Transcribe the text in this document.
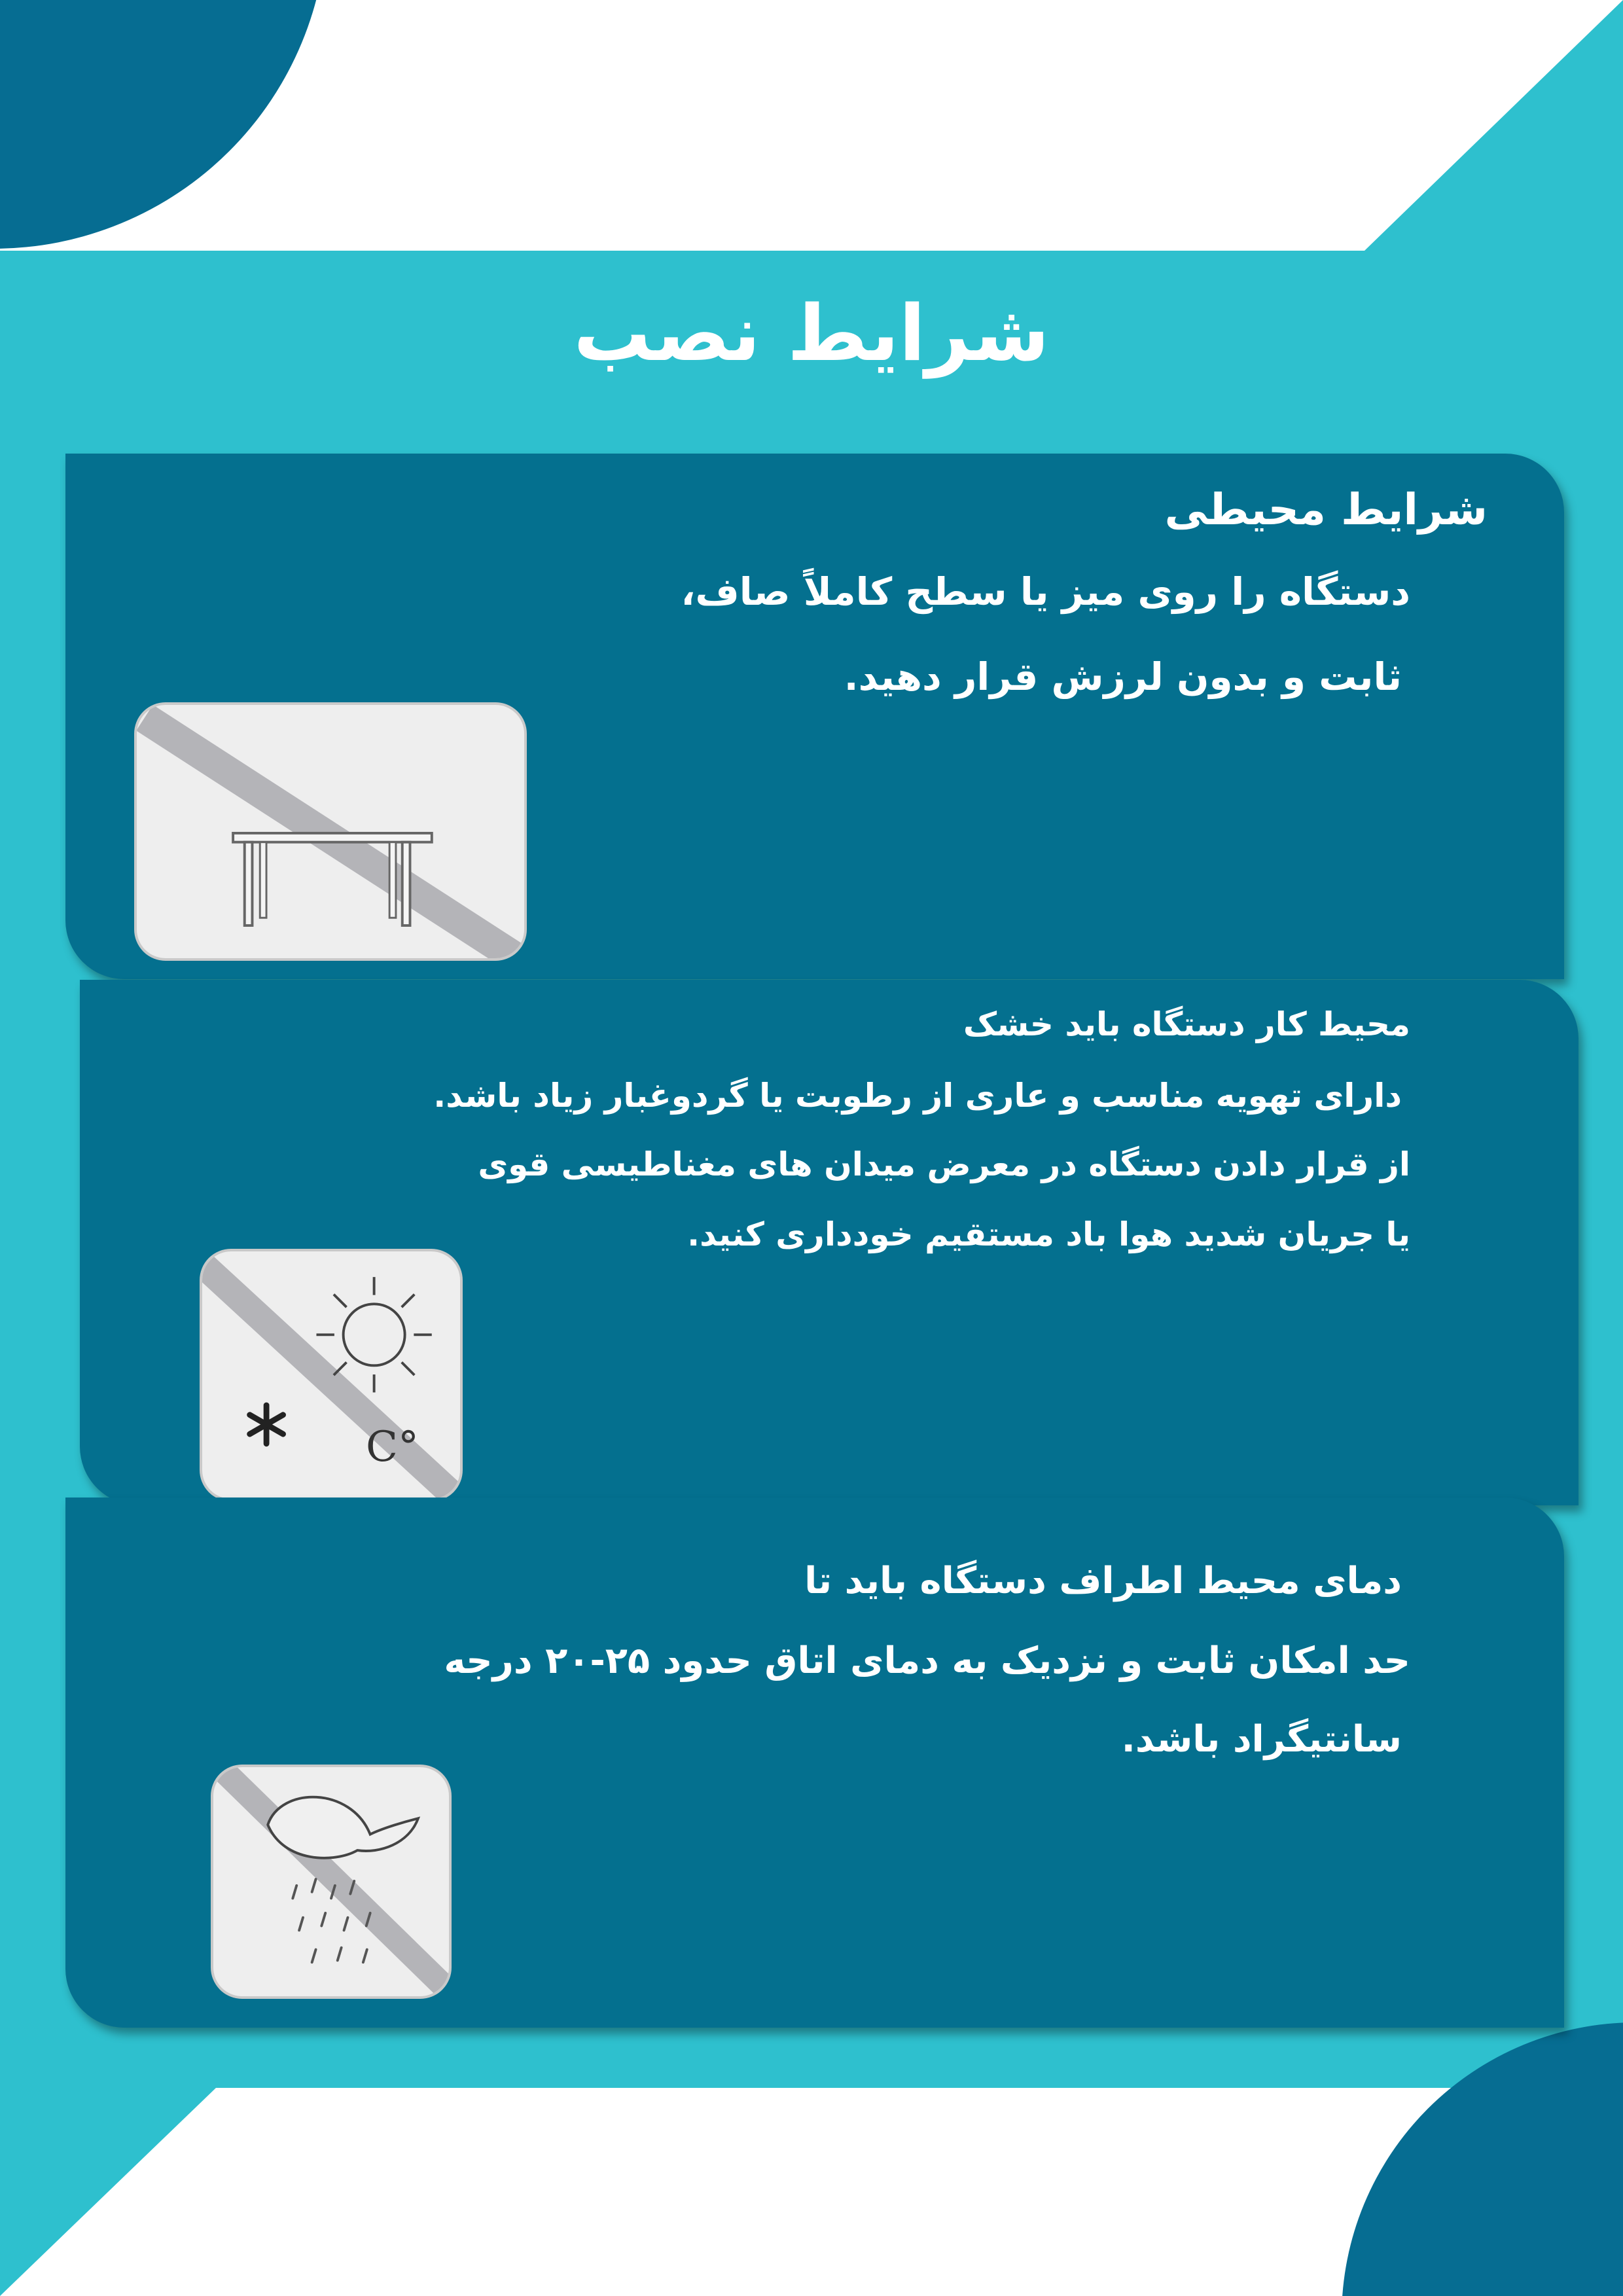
شرایط نصب
شرایط محیطی
دستگاه را روی میز یا سطح کاملاً صاف،
ثابت و بدون لرزش قرار دهید.
محیط کار دستگاه باید خشک
دارای تهویه مناسب و عاری از رطوبت یا گردوغبار زیاد باشد.
از قرار دادن دستگاه در معرض میدان های مغناطیسی قوی
یا جریان شدید هوا باد مستقیم خودداری کنید.
C°
دمای محیط اطراف دستگاه باید تا
حد امکان ثابت و نزدیک به دمای اتاق حدود ۲۵-۲۰ درجه
سانتیگراد باشد.
